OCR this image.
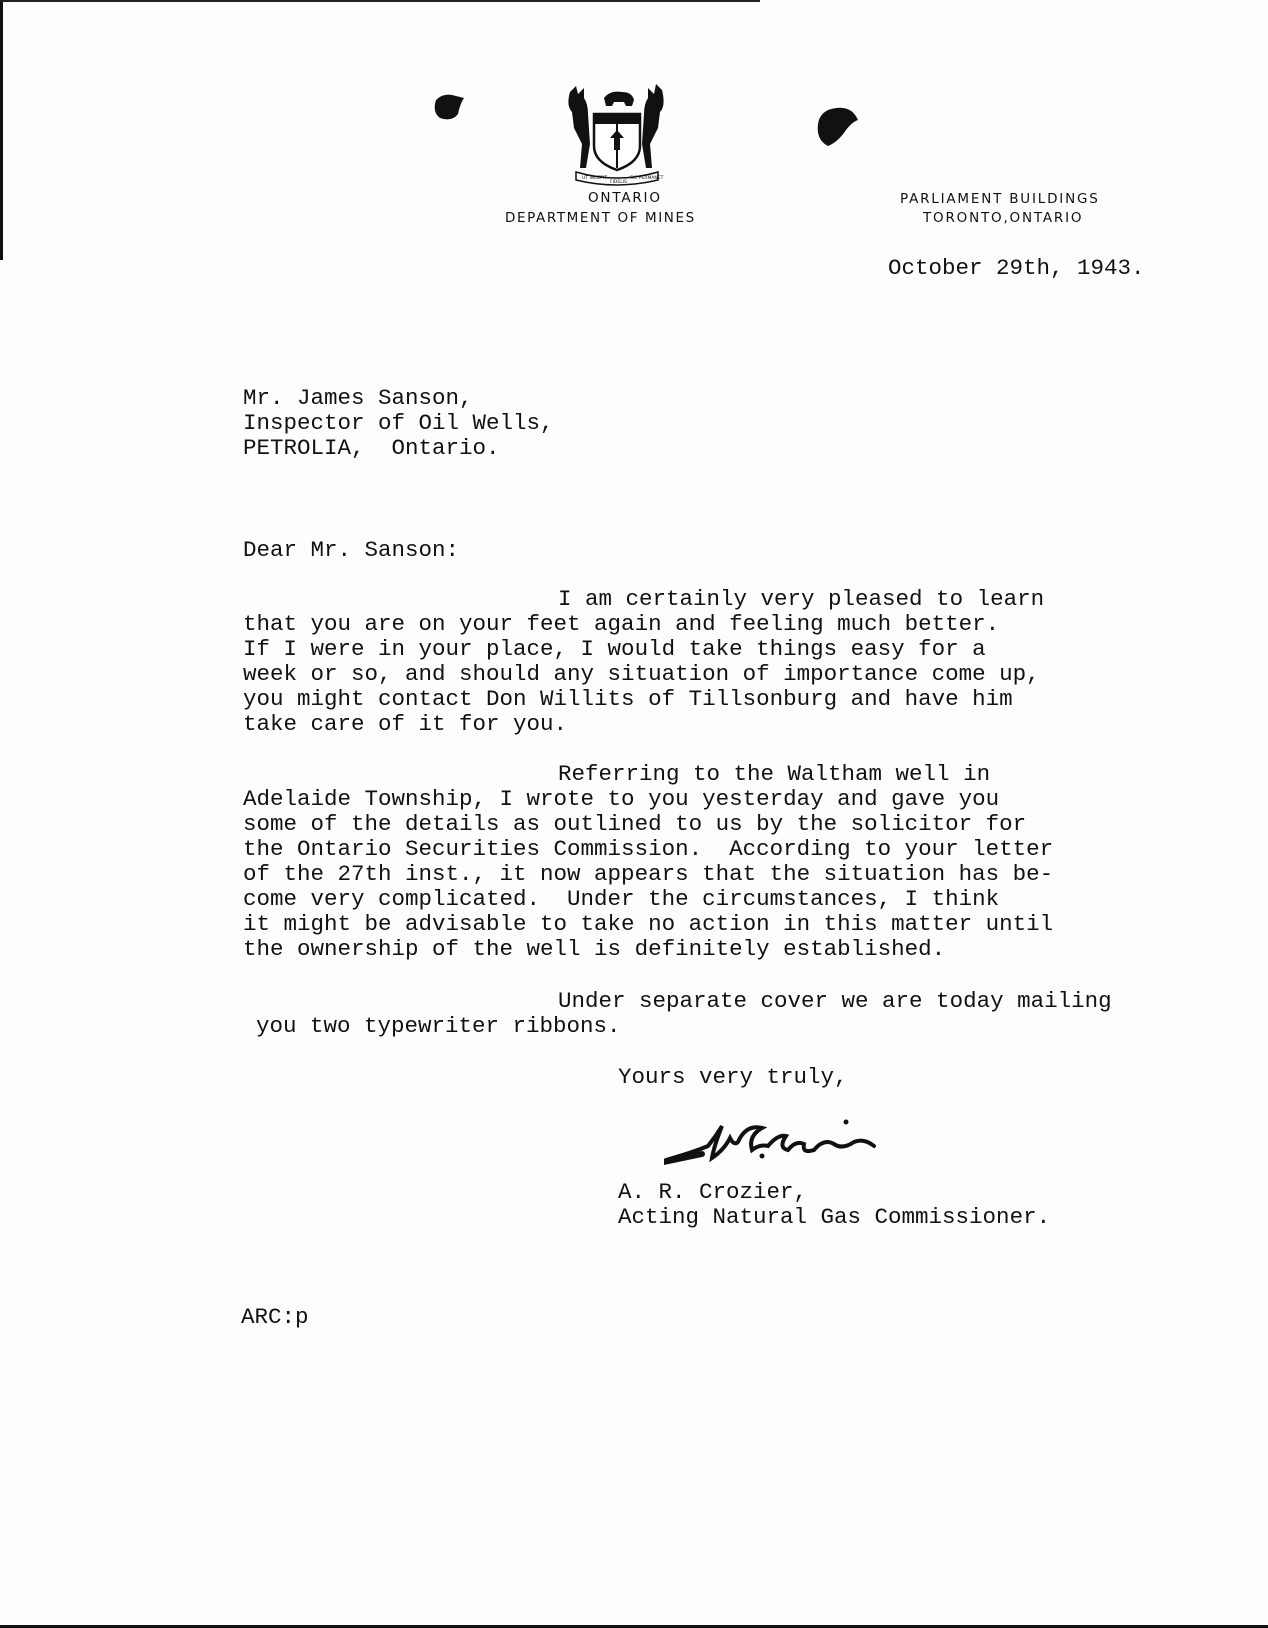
UT INCEPIT
FIDELIS
SIC PERMANET
ONTARIO
DEPARTMENT OF MINES
PARLIAMENT BUILDINGS
TORONTO,ONTARIO
October 29th, 1943.
Mr. James Sanson,
Inspector of Oil Wells,
PETROLIA,  Ontario.
Dear Mr. Sanson:
I am certainly very pleased to learn
that you are on your feet again and feeling much better.
If I were in your place, I would take things easy for a
week or so, and should any situation of importance come up,
you might contact Don Willits of Tillsonburg and have him
take care of it for you.
Referring to the Waltham well in
Adelaide Township, I wrote to you yesterday and gave you
some of the details as outlined to us by the solicitor for
the Ontario Securities Commission.  According to your letter
of the 27th inst., it now appears that the situation has be-
come very complicated.  Under the circumstances, I think
it might be advisable to take no action in this matter until
the ownership of the well is definitely established.
Under separate cover we are today mailing
you two typewriter ribbons.
Yours very truly,
A.R. Crozier
A. R. Crozier,
Acting Natural Gas Commissioner.
ARC:p
